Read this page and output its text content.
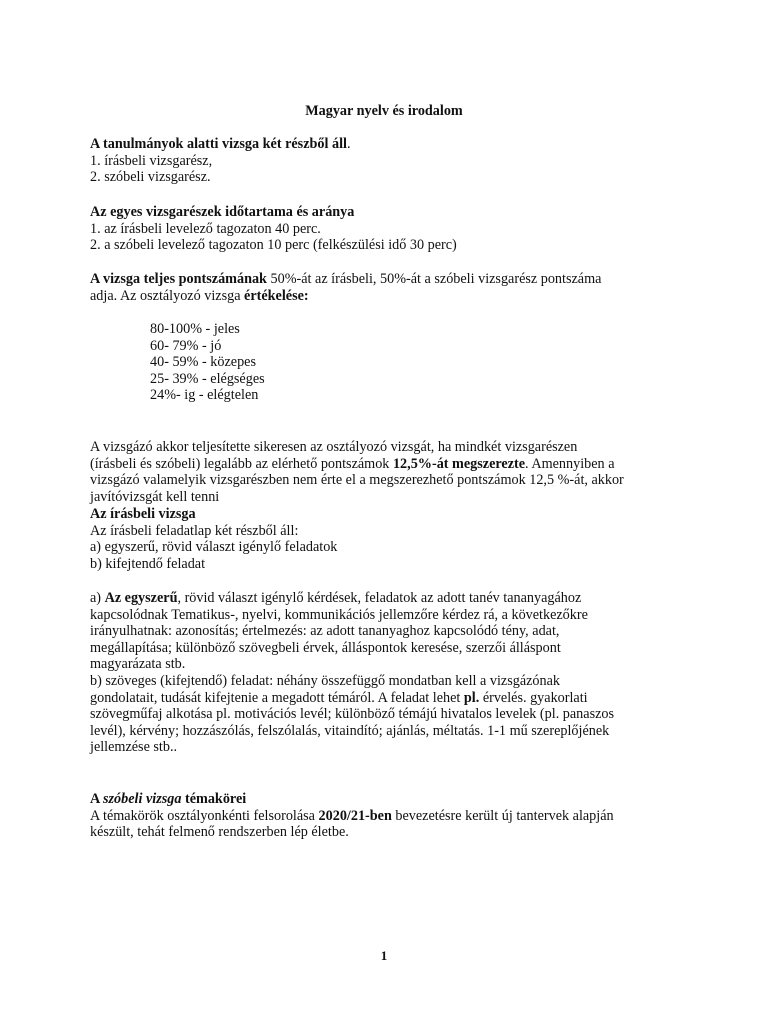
Magyar nyelv és irodalom
A tanulmányok alatti vizsga két részből áll.
1. írásbeli vizsgarész,
2. szóbeli vizsgarész.
Az egyes vizsgarészek időtartama és aránya
1. az írásbeli levelező tagozaton 40 perc.
2. a szóbeli levelező tagozaton 10 perc (felkészülési idő 30 perc)
A vizsga teljes pontszámának 50%-át az írásbeli, 50%-át a szóbeli vizsgarész pontszáma
adja. Az osztályozó vizsga értékelése:
80-100% - jeles
60- 79% - jó
40- 59% - közepes
25- 39% - elégséges
24%- ig - elégtelen
A vizsgázó akkor teljesítette sikeresen az osztályozó vizsgát, ha mindkét vizsgarészen
(írásbeli és szóbeli) legalább az elérhető pontszámok 12,5%-át megszerezte. Amennyiben a
vizsgázó valamelyik vizsgarészben nem érte el a megszerezhető pontszámok 12,5 %-át, akkor
javítóvizsgát kell tenni
Az írásbeli vizsga
Az írásbeli feladatlap két részből áll:
a) egyszerű, rövid választ igénylő feladatok
b) kifejtendő feladat
a) Az egyszerű, rövid választ igénylő kérdések, feladatok az adott tanév tananyagához
kapcsolódnak Tematikus-, nyelvi, kommunikációs jellemzőre kérdez rá, a következőkre
irányulhatnak: azonosítás; értelmezés: az adott tananyaghoz kapcsolódó tény, adat,
megállapítása; különböző szövegbeli érvek, álláspontok keresése, szerzői álláspont
magyarázata stb.
b) szöveges (kifejtendő) feladat: néhány összefüggő mondatban kell a vizsgázónak
gondolatait, tudását kifejtenie a megadott témáról. A feladat lehet pl. érvelés. gyakorlati
szövegműfaj alkotása pl. motivációs levél; különböző témájú hivatalos levelek (pl. panaszos
levél), kérvény; hozzászólás, felszólalás, vitaindító; ajánlás, méltatás. 1-1 mű szereplőjének
jellemzése stb..
A szóbeli vizsga témakörei
A témakörök osztályonkénti felsorolása 2020/21-ben bevezetésre került új tantervek alapján
készült, tehát felmenő rendszerben lép életbe.
1
